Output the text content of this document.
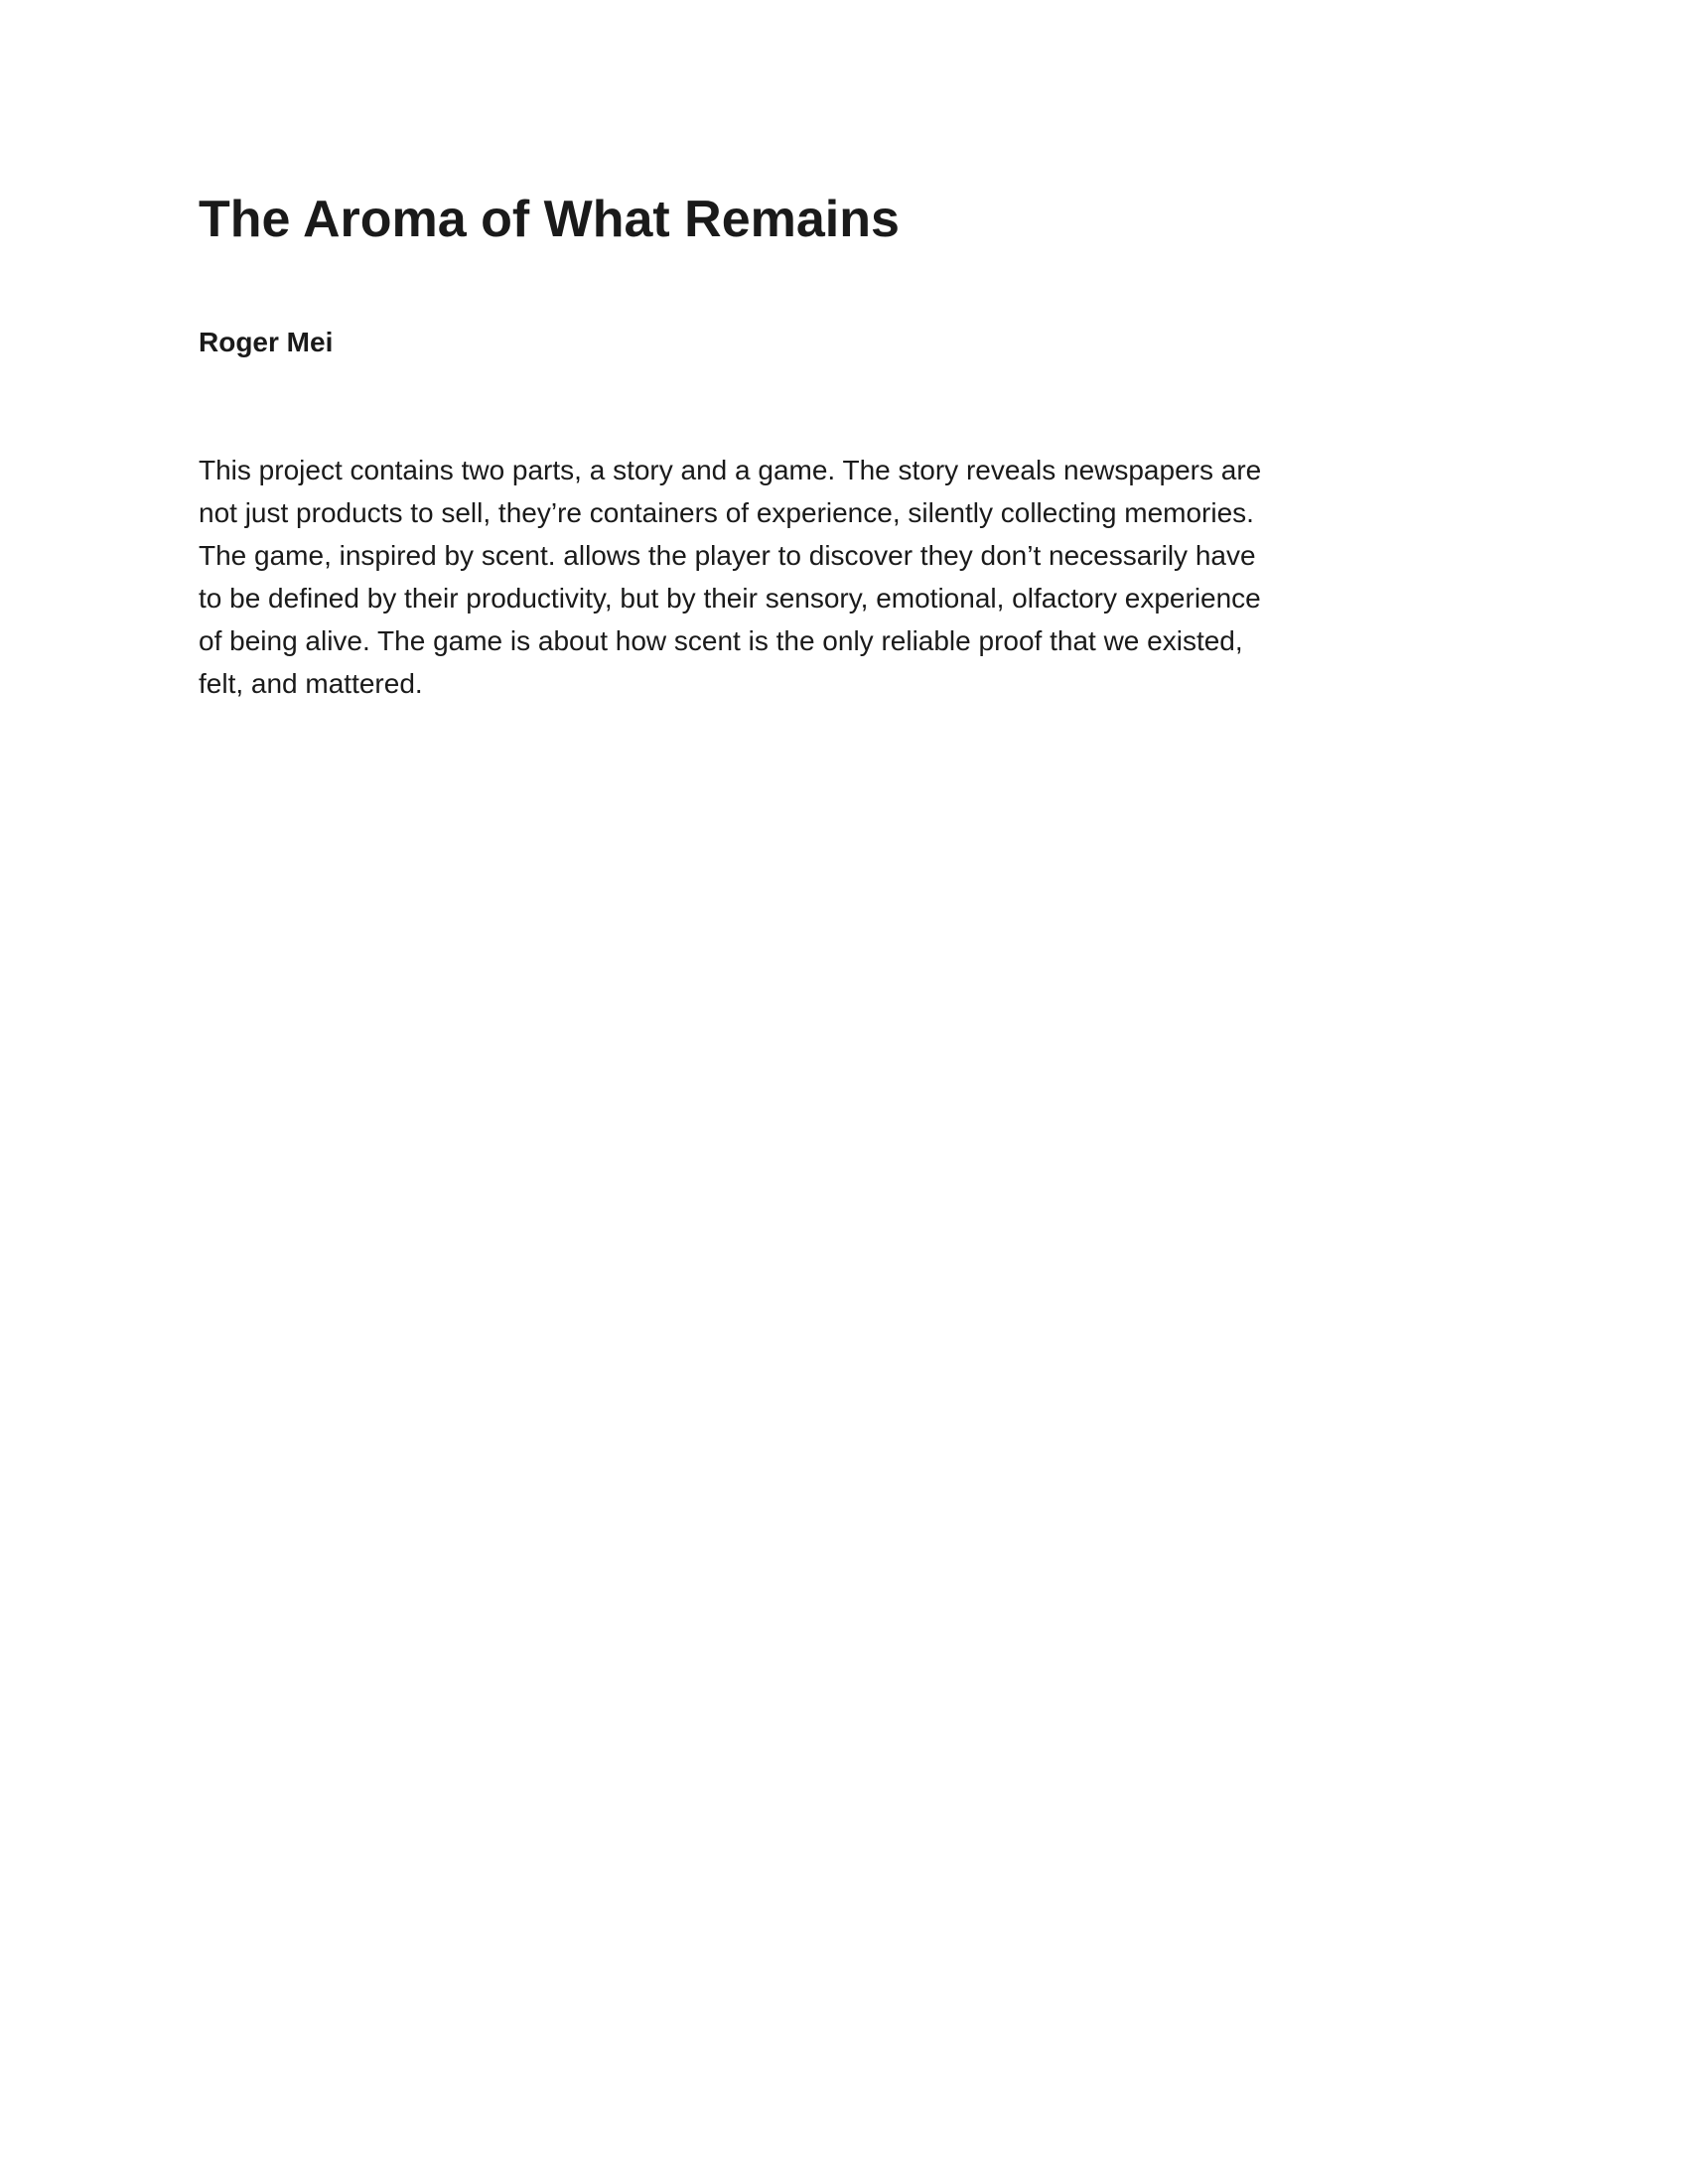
The Aroma of What Remains
Roger Mei
This project contains two parts, a story and a game. The story reveals newspapers are
not just products to sell, they’re containers of experience, silently collecting memories.
The game, inspired by scent. allows the player to discover they don’t necessarily have
to be defined by their productivity, but by their sensory, emotional, olfactory experience
of being alive. The game is about how scent is the only reliable proof that we existed,
felt, and mattered.
